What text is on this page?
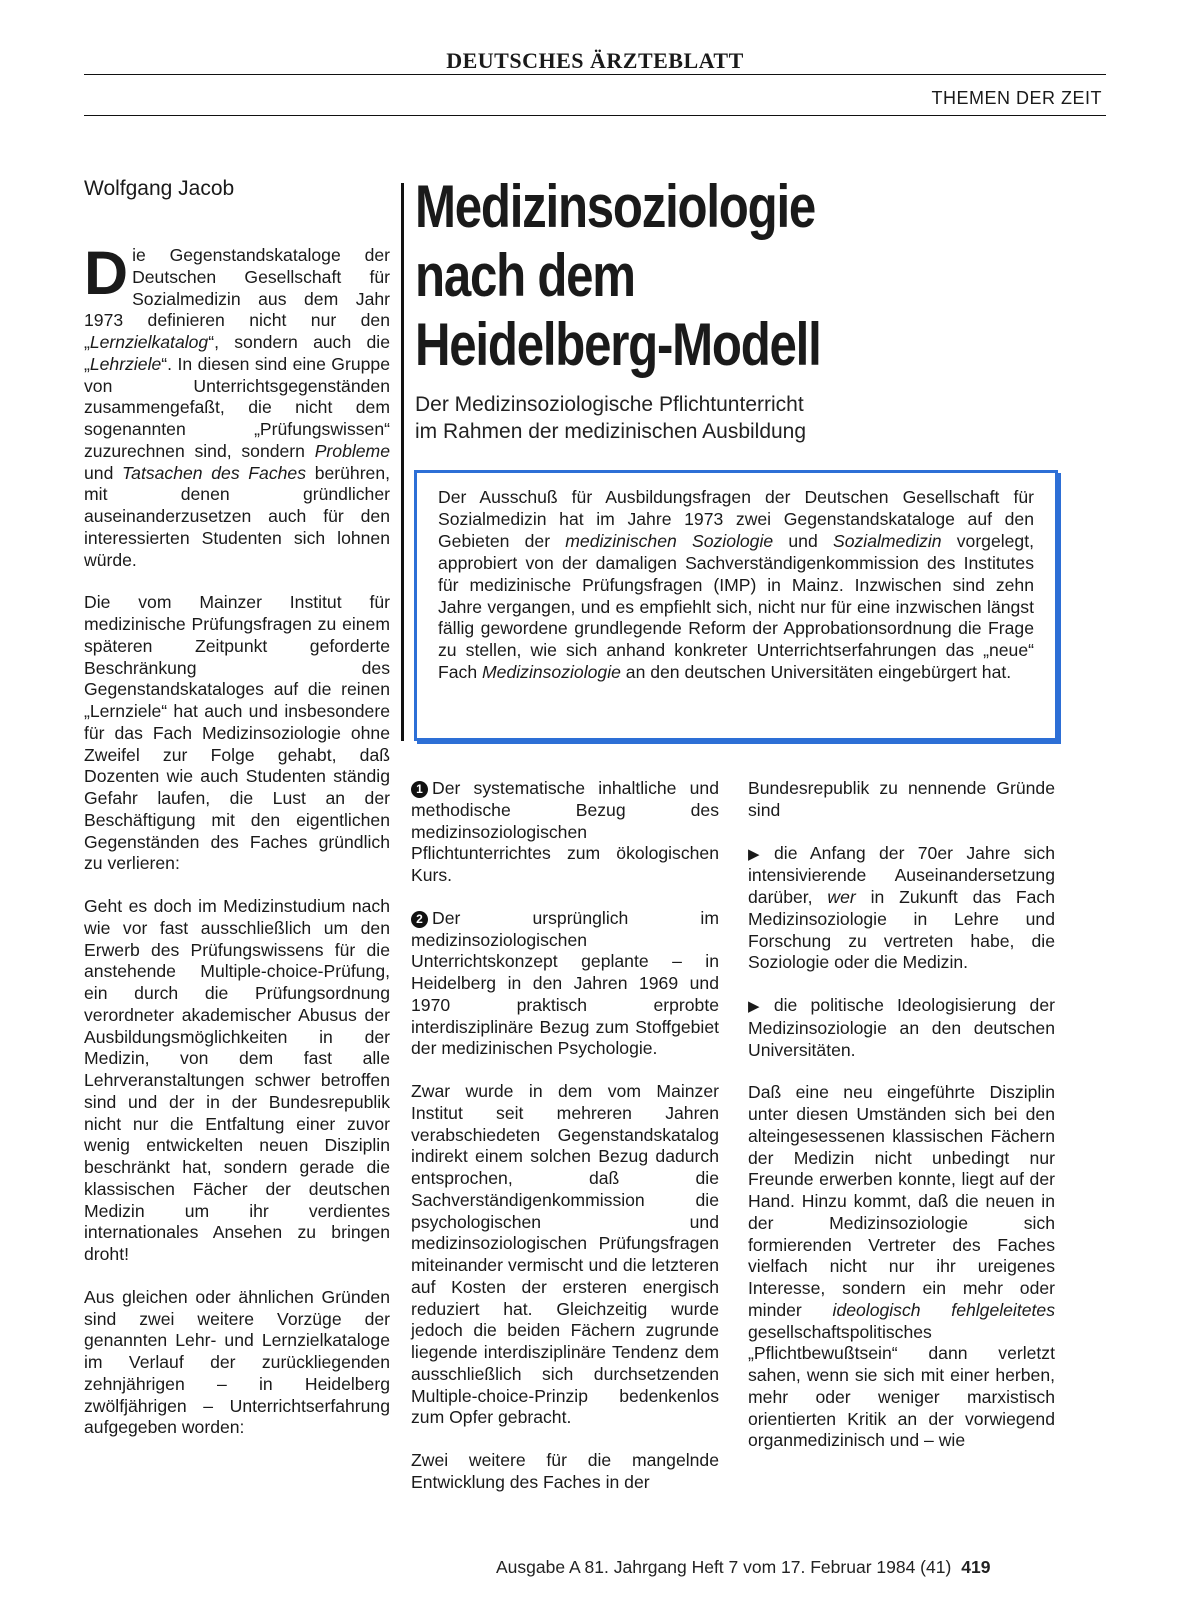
DEUTSCHES ÄRZTEBLATT
THEMEN DER ZEIT
Wolfgang Jacob	Medizinsoziologie
nach dem
Heidelberg-Modell
Der Medizinsoziologische Pflichtunterricht
im Rahmen der medizinischen Ausbildung

Der Ausschuß für Ausbildungsfragen der Deutschen Gesellschaft für Sozialmedizin hat im Jahre 1973 zwei Gegenstandskataloge auf den Gebieten der medizinischen Soziologie und Sozialmedizin vorgelegt, approbiert von der damaligen Sachverständigenkommission des Institutes für medizinische Prüfungsfragen (IMP) in Mainz. Inzwischen sind zehn Jahre vergangen, und es empfiehlt sich, nicht nur für eine inzwischen längst fällig gewordene grundlegende Reform der Approbationsordnung die Frage zu stellen, wie sich anhand konkreter Unterrichtserfahrungen das „neue“ Fach Medizinsoziologie an den deutschen Universitäten eingebürgert hat.

Die Gegenstandskataloge der Deutschen Gesellschaft für Sozialmedizin aus dem Jahr 1973 definieren nicht nur den „Lernzielkatalog“, sondern auch die „Lehrziele“. In diesen sind eine Gruppe von Unterrichtsgegenständen zusammengefaßt, die nicht dem sogenannten „Prüfungswissen“ zuzurechnen sind, sondern Probleme und Tatsachen des Faches berühren, mit denen gründlicher auseinanderzusetzen auch für den interessierten Studenten sich lohnen würde.

Die vom Mainzer Institut für medizinische Prüfungsfragen zu einem späteren Zeitpunkt geforderte Beschränkung des Gegenstandskataloges auf die reinen „Lernziele“ hat auch und insbesondere für das Fach Medizinsoziologie ohne Zweifel zur Folge gehabt, daß Dozenten wie auch Studenten ständig Gefahr laufen, die Lust an der Beschäftigung mit den eigentlichen Gegenständen des Faches gründlich zu verlieren:

Geht es doch im Medizinstudium nach wie vor fast ausschließlich um den Erwerb des Prüfungswissens für die anstehende Multiple-choice-Prüfung, ein durch die Prüfungsordnung verordneter akademischer Abusus der Ausbildungsmöglichkeiten in der Medizin, von dem fast alle Lehrveranstaltungen schwer betroffen sind und der in der Bundesrepublik nicht nur die Entfaltung einer zuvor wenig entwickelten neuen Disziplin beschränkt hat, sondern gerade die klassischen Fächer der deutschen Medizin um ihr verdientes internationales Ansehen zu bringen droht!

Aus gleichen oder ähnlichen Gründen sind zwei weitere Vorzüge der genannten Lehr- und Lernzielkataloge im Verlauf der zurückliegenden zehnjährigen – in Heidelberg zwölfjährigen – Unterrichtserfahrung aufgegeben worden:

1 Der systematische inhaltliche und methodische Bezug des medizinsoziologischen Pflichtunterrichtes zum ökologischen Kurs.

2 Der ursprünglich im medizinsoziologischen Unterrichtskonzept geplante – in Heidelberg in den Jahren 1969 und 1970 praktisch erprobte interdisziplinäre Bezug zum Stoffgebiet der medizinischen Psychologie.

Zwar wurde in dem vom Mainzer Institut seit mehreren Jahren verabschiedeten Gegenstandskatalog indirekt einem solchen Bezug dadurch entsprochen, daß die Sachverständigenkommission die psychologischen und medizinsoziologischen Prüfungsfragen miteinander vermischt und die letzteren auf Kosten der ersteren energisch reduziert hat. Gleichzeitig wurde jedoch die beiden Fächern zugrunde liegende interdisziplinäre Tendenz dem ausschließlich sich durchsetzenden Multiple-choice-Prinzip bedenkenlos zum Opfer gebracht.

Zwei weitere für die mangelnde Entwicklung des Faches in der

Bundesrepublik zu nennende Gründe sind

▶ die Anfang der 70er Jahre sich intensivierende Auseinandersetzung darüber, wer in Zukunft das Fach Medizinsoziologie in Lehre und Forschung zu vertreten habe, die Soziologie oder die Medizin.

▶ die politische Ideologisierung der Medizinsoziologie an den deutschen Universitäten.

Daß eine neu eingeführte Disziplin unter diesen Umständen sich bei den alteingesessenen klassischen Fächern der Medizin nicht unbedingt nur Freunde erwerben konnte, liegt auf der Hand. Hinzu kommt, daß die neuen in der Medizinsoziologie sich formierenden Vertreter des Faches vielfach nicht nur ihr ureigenes Interesse, sondern ein mehr oder minder ideologisch fehlgeleitetes gesellschaftspolitisches „Pflichtbewußtsein“ dann verletzt sahen, wenn sie sich mit einer herben, mehr oder weniger marxistisch orientierten Kritik an der vorwiegend organmedizinisch und – wie

Ausgabe A 81. Jahrgang Heft 7 vom 17. Februar 1984 (41) 419
